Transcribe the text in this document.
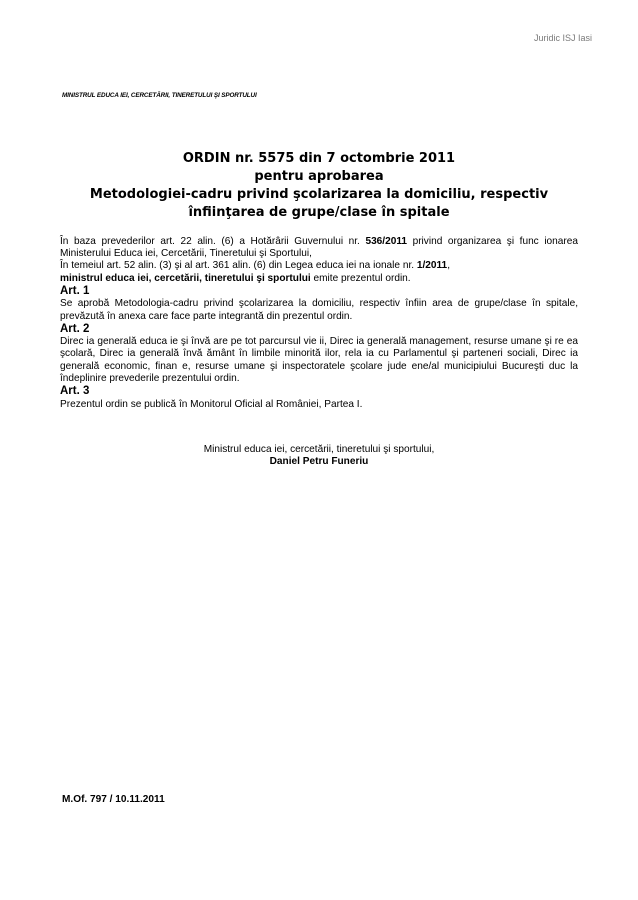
Juridic ISJ Iasi
MINISTRUL EDUCA IEI, CERCETĂRII, TINERETULUI ŞI SPORTULUI
ORDIN nr. 5575 din 7 octombrie 2011
pentru aprobarea
Metodologiei-cadru privind şcolarizarea la domiciliu, respectiv
înfiinţarea de grupe/clase în spitale

În baza prevederilor art. 22 alin. (6) a Hotărârii Guvernului nr. 536/2011 privind organizarea şi func ionarea Ministerului Educa iei, Cercetării, Tineretului şi Sportului,

În temeiul art. 52 alin. (3) şi al art. 361 alin. (6) din Legea educa iei na ionale nr. 1/2011,

ministrul educa iei, cercetării, tineretului şi sportului emite prezentul ordin.

Art. 1

Se aprobă Metodologia-cadru privind şcolarizarea la domiciliu, respectiv înfiin area de grupe/clase în spitale, prevăzută în anexa care face parte integrantă din prezentul ordin.

Art. 2

Direc ia generală educa ie şi învă are pe tot parcursul vie ii, Direc ia generală management, resurse umane şi re ea şcolară, Direc ia generală învă ământ în limbile minorită ilor, rela ia cu Parlamentul şi parteneri sociali, Direc ia generală economic, finan e, resurse umane şi inspectoratele şcolare jude ene/al municipiului Bucureşti duc la îndeplinire prevederile prezentului ordin.

Art. 3

Prezentul ordin se publică în Monitorul Oficial al României, Partea I.

Ministrul educa iei, cercetării, tineretului şi sportului,
Daniel Petru Funeriu
M.Of. 797 / 10.11.2011
